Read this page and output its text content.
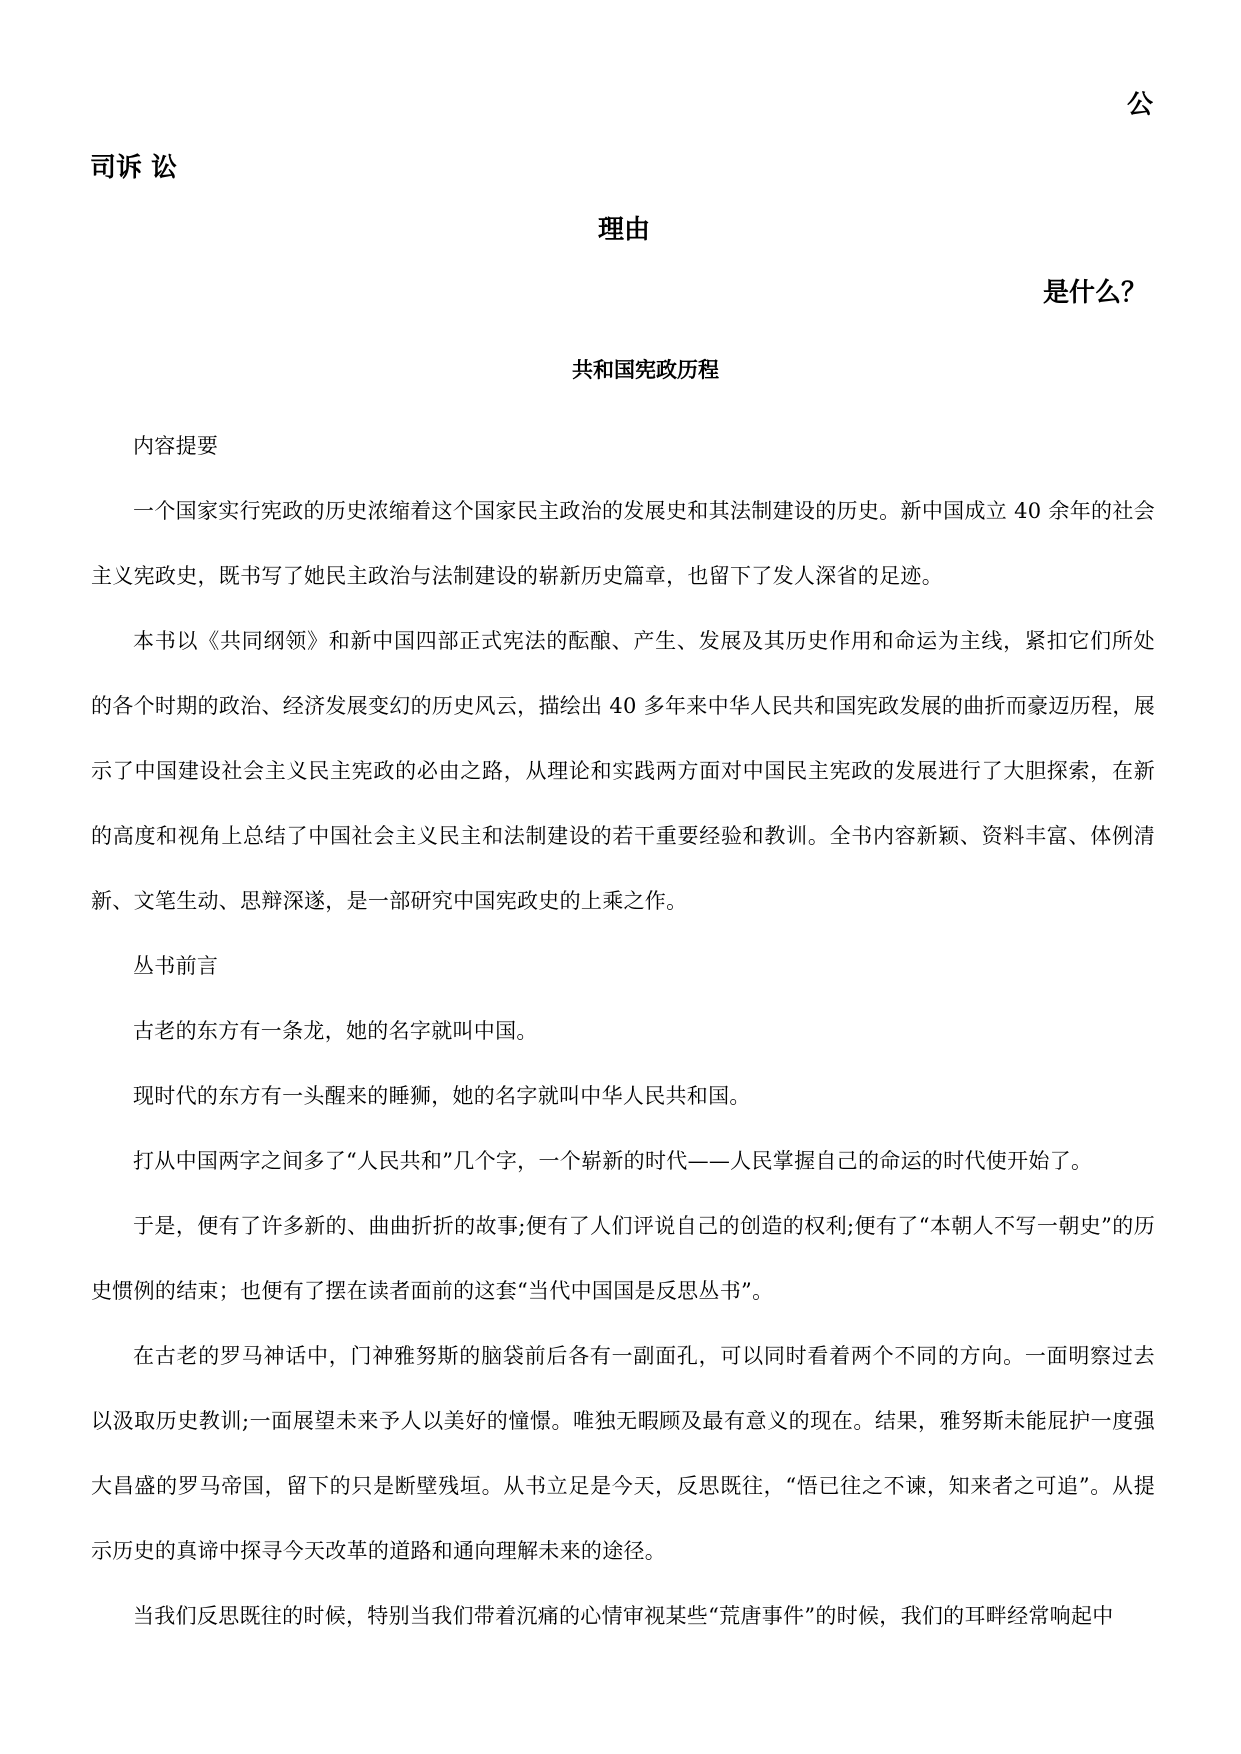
公
司诉 讼
理由
是什么？
共和国宪政历程

内容提要

一个国家实行宪政的历史浓缩着这个国家民主政治的发展史和其法制建设的历史。新中国成立 40 余年的社会主义宪政史，既书写了她民主政治与法制建设的崭新历史篇章，也留下了发人深省的足迹。

本书以《共同纲领》和新中国四部正式宪法的酝酿、产生、发展及其历史作用和命运为主线，紧扣它们所处的各个时期的政治、经济发展变幻的历史风云，描绘出 40 多年来中华人民共和国宪政发展的曲折而豪迈历程，展示了中国建设社会主义民主宪政的必由之路，从理论和实践两方面对中国民主宪政的发展进行了大胆探索，在新的高度和视角上总结了中国社会主义民主和法制建设的若干重要经验和教训。全书内容新颖、资料丰富、体例清新、文笔生动、思辩深遂，是一部研究中国宪政史的上乘之作。

丛书前言

古老的东方有一条龙，她的名字就叫中国。

现时代的东方有一头醒来的睡狮，她的名字就叫中华人民共和国。

打从中国两字之间多了“人民共和”几个字，一个崭新的时代——人民掌握自己的命运的时代使开始了。

于是，便有了许多新的、曲曲折折的故事;便有了人们评说自己的创造的权利;便有了“本朝人不写一朝史”的历史惯例的结束；也便有了摆在读者面前的这套“当代中国国是反思丛书”。

在古老的罗马神话中，门神雅努斯的脑袋前后各有一副面孔，可以同时看着两个不同的方向。一面明察过去以汲取历史教训;一面展望未来予人以美好的憧憬。唯独无暇顾及最有意义的现在。结果，雅努斯未能屁护一度强大昌盛的罗马帝国，留下的只是断壁残垣。从书立足是今天，反思既往，“悟已往之不谏，知来者之可追”。从提示历史的真谛中探寻今天改革的道路和通向理解未来的途径。

当我们反思既往的时候，特别当我们带着沉痛的心情审视某些“荒唐事件”的时候，我们的耳畔经常响起中
